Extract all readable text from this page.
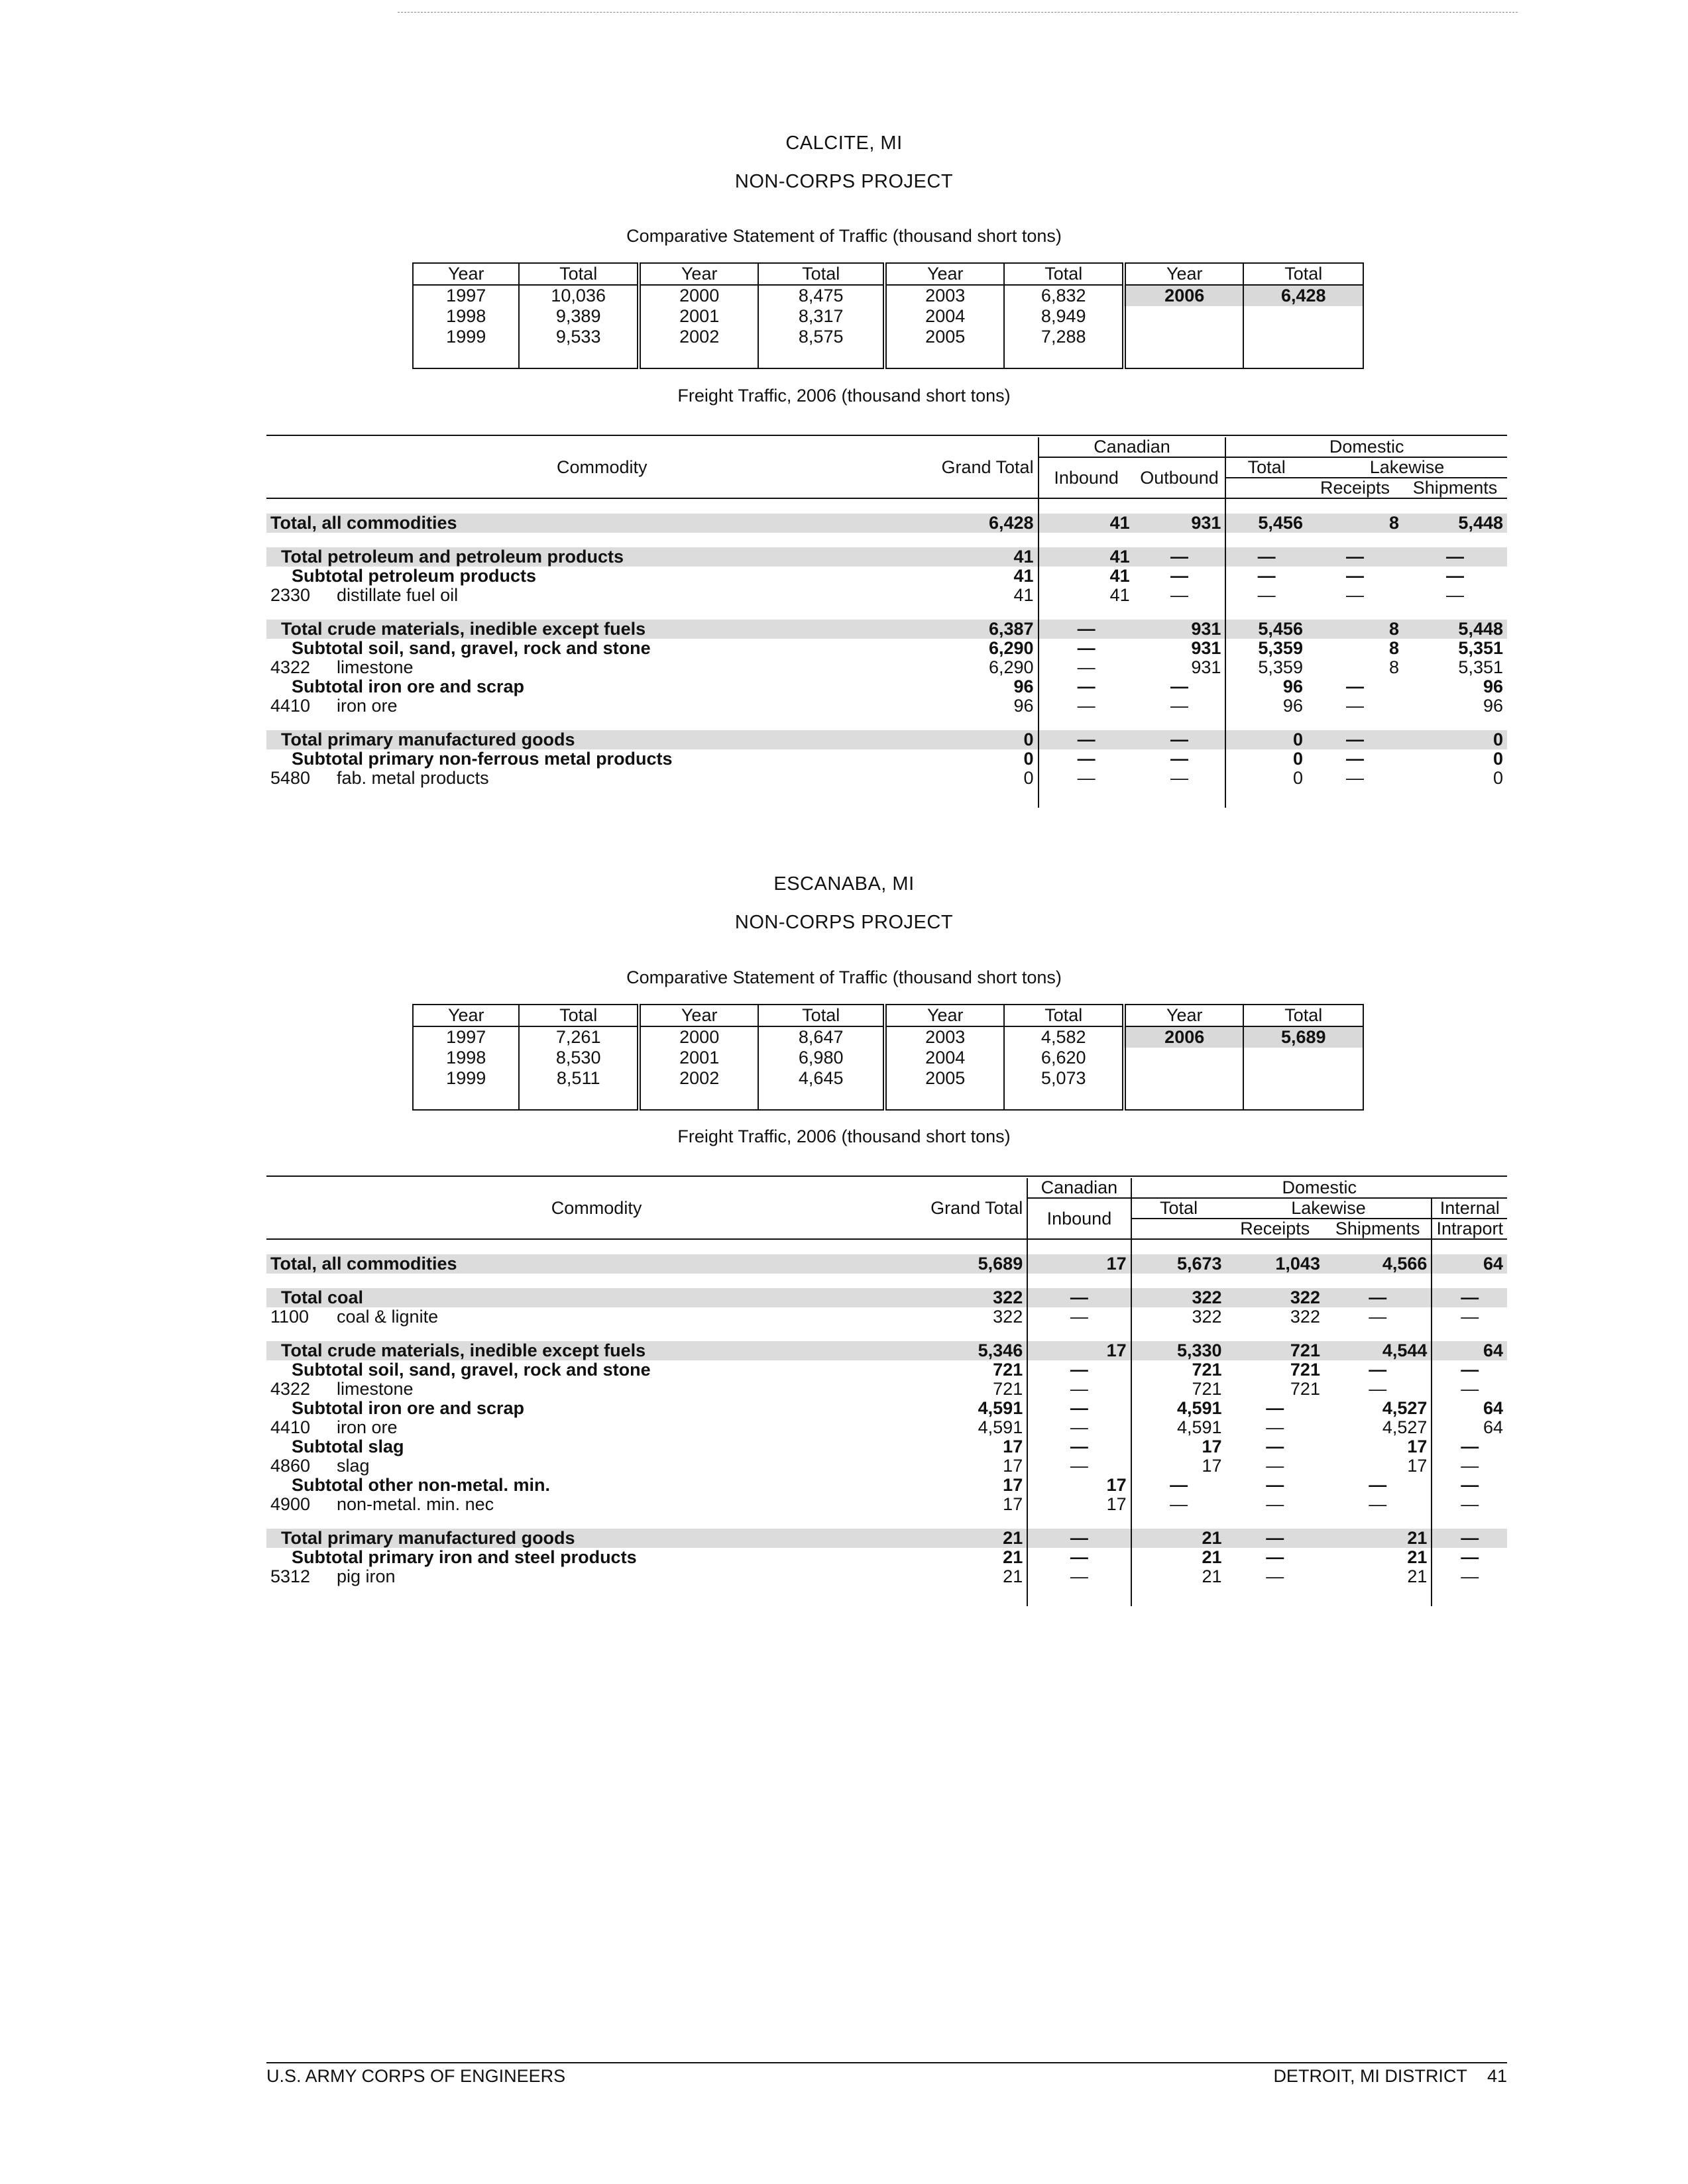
CALCITE, MI
NON-CORPS PROJECT
Comparative Statement of Traffic (thousand short tons)
Year	Total	Year	Total	Year	Total	Year	Total
1997	10,036	2000	8,475	2003	6,832	2006	6,428
1998	9,389	2001	8,317	2004	8,949		
1999	9,533	2002	8,575	2005	7,288		

Freight Traffic, 2006 (thousand short tons)
Commodity	Grand Total	Canadian		Domestic		
		Inbound	Outbound	Total	Lakewise	
					Receipts	Shipments

Total, all commodities	6,428	41	931	5,456	8	5,448

Total petroleum and petroleum products	41	41	—	—	—	—
Subtotal petroleum products	41	41	—	—	—	—
2330 distillate fuel oil	41	41	—	—	—	—

Total crude materials, inedible except fuels	6,387	—	931	5,456	8	5,448
Subtotal soil, sand, gravel, rock and stone	6,290	—	931	5,359	8	5,351
4322 limestone	6,290	—	931	5,359	8	5,351
Subtotal iron ore and scrap	96	—	—	96	—	96
4410 iron ore	96	—	—	96	—	96

Total primary manufactured goods	0	—	—	0	—	0
Subtotal primary non-ferrous metal products	0	—	—	0	—	0
5480 fab. metal products	0	—	—	0	—	0

ESCANABA, MI
NON-CORPS PROJECT
Comparative Statement of Traffic (thousand short tons)
Year	Total	Year	Total	Year	Total	Year	Total
1997	7,261	2000	8,647	2003	4,582	2006	5,689
1998	8,530	2001	6,980	2004	6,620		
1999	8,511	2002	4,645	2005	5,073		

Freight Traffic, 2006 (thousand short tons)
Commodity	Grand Total	Canadian	Domestic			
		Inbound	Total	Lakewise		Internal
				Receipts	Shipments	Intraport

Total, all commodities	5,689	17	5,673	1,043	4,566	64

Total coal	322	—	322	322	—	—
1100 coal & lignite	322	—	322	322	—	—

Total crude materials, inedible except fuels	5,346	17	5,330	721	4,544	64
Subtotal soil, sand, gravel, rock and stone	721	—	721	721	—	—
4322 limestone	721	—	721	721	—	—
Subtotal iron ore and scrap	4,591	—	4,591	—	4,527	64
4410 iron ore	4,591	—	4,591	—	4,527	64
Subtotal slag	17	—	17	—	17	—
4860 slag	17	—	17	—	17	—
Subtotal other non-metal. min.	17	17	—	—	—	—
4900 non-metal. min. nec	17	17	—	—	—	—

Total primary manufactured goods	21	—	21	—	21	—
Subtotal primary iron and steel products	21	—	21	—	21	—
5312 pig iron	21	—	21	—	21	—

U.S. ARMY CORPS OF ENGINEERS	DETROIT, MI DISTRICT 41
